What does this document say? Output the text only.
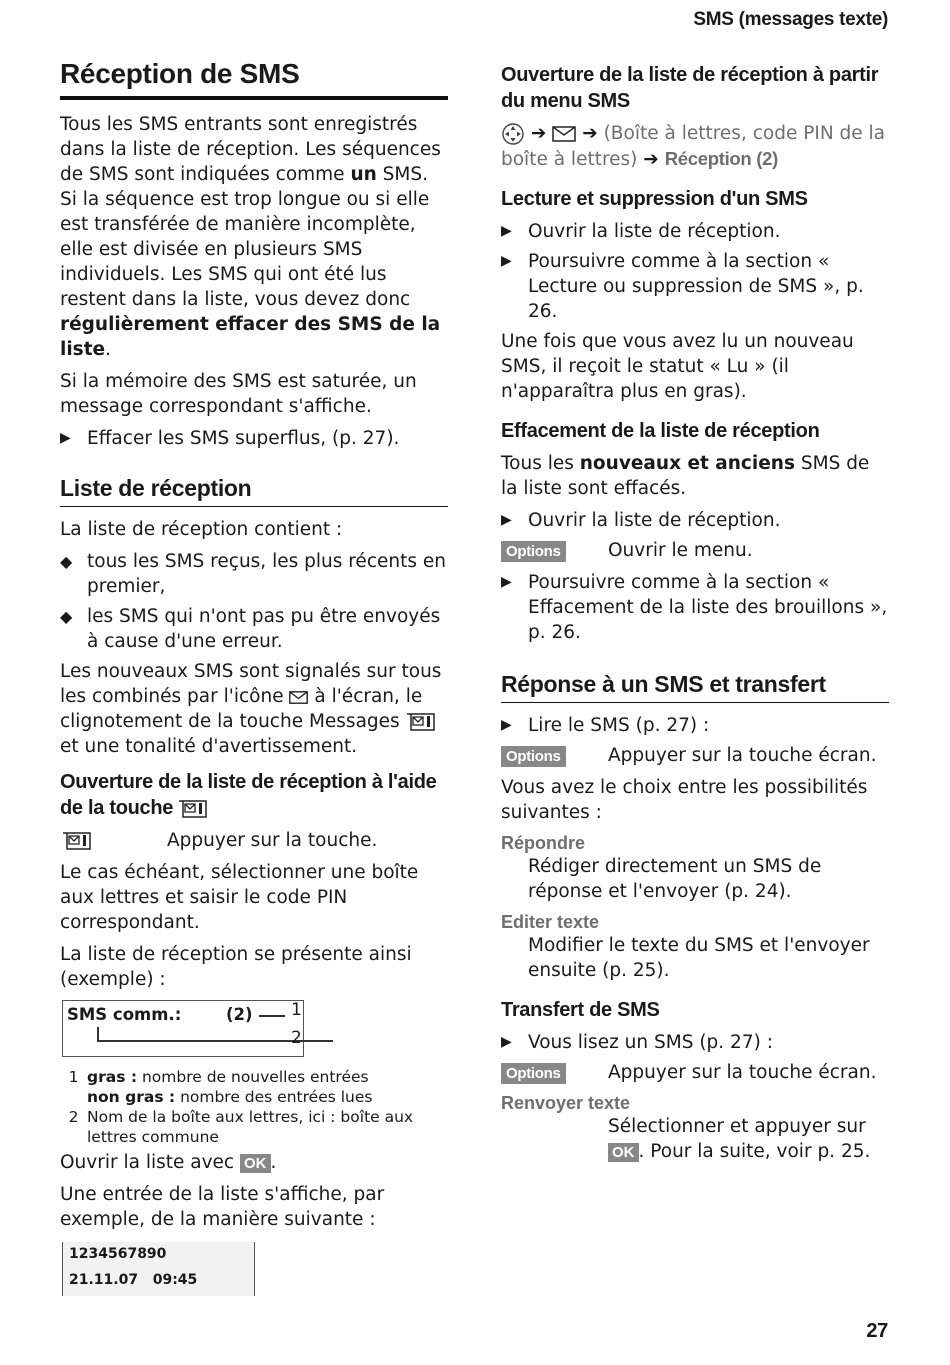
SMS (messages texte)
Réception de SMS

Tous les SMS entrants sont enregistrés dans la liste de réception. Les séquences de SMS sont indiquées comme un SMS. Si la séquence est trop longue ou si elle est transférée de manière incomplète, elle est divisée en plusieurs SMS individuels. Les SMS qui ont été lus restent dans la liste, vous devez donc régulièrement effacer des SMS de la liste.

Si la mémoire des SMS est saturée, un message correspondant s'affiche.

▶ Effacer les SMS superflus, (p. 27).
Liste de réception

La liste de réception contient :

◆ tous les SMS reçus, les plus récents en premier,
◆ les SMS qui n'ont pas pu être envoyés à cause d'une erreur.

Les nouveaux SMS sont signalés sur tous les combinés par l'icône  à l'écran, le clignotement de la touche Messages  et une tonalité d'avertissement.

Ouverture de la liste de réception à l'aide de la touche
Appuyer sur la touche.

Le cas échéant, sélectionner une boîte aux lettres et saisir le code PIN correspondant.

La liste de réception se présente ainsi (exemple) :

SMS comm.:	(2) 1
2
1 gras : nombre de nouvelles entrées
non gras : nombre des entrées lues
2 Nom de la boîte aux lettres, ici : boîte aux lettres commune

Ouvrir la liste avec OK .

Une entrée de la liste s'affiche, par exemple, de la manière suivante :

1234567890
21.11.07 09:45
Ouverture de la liste de réception à partir du menu SMS

➔ ➔ (Boîte à lettres, code PIN de la boîte à lettres) ➔ Réception (2)

Lecture et suppression d'un SMS
▶ Ouvrir la liste de réception.
▶ Poursuivre comme à la section « Lecture ou suppression de SMS », p. 26.

Une fois que vous avez lu un nouveau SMS, il reçoit le statut « Lu » (il n'apparaîtra plus en gras).

Effacement de la liste de réception

Tous les nouveaux et anciens SMS de la liste sont effacés.

▶ Ouvrir la liste de réception.
Options	Ouvrir le menu.
▶ Poursuivre comme à la section « Effacement de la liste des brouillons », p. 26.
Réponse à un SMS et transfert
▶ Lire le SMS (p. 27) :
Options	Appuyer sur la touche écran.

Vous avez le choix entre les possibilités suivantes :

Répondre

Rédiger directement un SMS de réponse et l'envoyer (p. 24).

Editer texte

Modifier le texte du SMS et l'envoyer ensuite (p. 25).

Transfert de SMS
▶ Vous lisez un SMS (p. 27) :
Options	Appuyer sur la touche écran.
Renvoyer texte

Sélectionner et appuyer sur OK . Pour la suite, voir p. 25.

27
